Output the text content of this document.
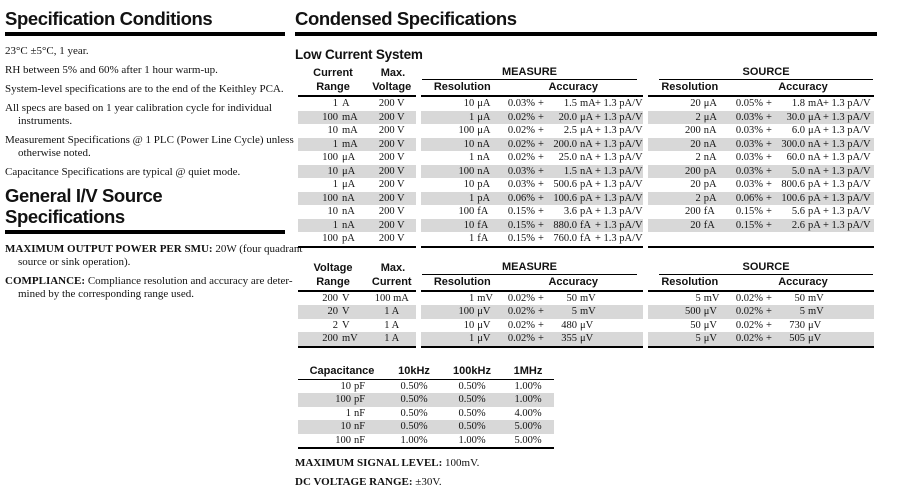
Specification Conditions
23°C ±5°C, 1 year.
RH between 5% and 60% after 1 hour warm-up.
System-level specifications are to the end of the Keithley PCA.
All specs are based on 1 year calibration cycle for individual
instruments.
Measurement Specifications @ 1 PLC (Power Line Cycle) unless
otherwise noted.
Capacitance Specifications are typical @ quiet mode.
General I/V Source Specifications
MAXIMUM OUTPUT POWER PER SMU: 20W (four quadrant
source or sink operation).
COMPLIANCE: Compliance resolution and accuracy are deter-
mined by the corresponding range used.
Condensed Specifications
Low Current System
Current	Max.	MEASURE		SOURCE	

Range	Voltage	Resolution	Accuracy	Resolution	Accuracy
1 A	200 V	10 μA	0.03% + 1.5 mA+ 1.3 pA/V	20 μA	0.05% + 1.8 mA+ 1.3 pA/V
100 mA	200 V	1 μA	0.02% + 20.0 μA + 1.3 pA/V	2 μA	0.03% + 30.0 μA + 1.3 pA/V
10 mA	200 V	100 μA	0.02% + 2.5 μA + 1.3 pA/V	200 nA	0.03% + 6.0 μA + 1.3 pA/V
1 mA	200 V	10 nA	0.02% + 200.0 nA + 1.3 pA/V	20 nA	0.03% + 300.0 nA + 1.3 pA/V
100 μA	200 V	1 nA	0.02% + 25.0 nA + 1.3 pA/V	2 nA	0.03% + 60.0 nA + 1.3 pA/V
10 μA	200 V	100 nA	0.03% + 1.5 nA + 1.3 pA/V	200 pA	0.03% + 5.0 nA + 1.3 pA/V
1 μA	200 V	10 pA	0.03% + 500.6 pA + 1.3 pA/V	20 pA	0.03% + 800.6 pA + 1.3 pA/V
100 nA	200 V	1 pA	0.06% + 100.6 pA + 1.3 pA/V	2 pA	0.06% + 100.6 pA + 1.3 pA/V
10 nA	200 V	100 fA	0.15% + 3.6 pA + 1.3 pA/V	200 fA	0.15% + 5.6 pA + 1.3 pA/V
1 nA	200 V	10 fA	0.15% + 880.0 fA + 1.3 pA/V	20 fA	0.15% + 2.6 pA + 1.3 pA/V
100 pA	200 V	1 fA	0.15% + 760.0 fA + 1.3 pA/V		
Voltage	Max.	MEASURE		SOURCE	

Range	Current	Resolution	Accuracy	Resolution	Accuracy
200 V	100 mA	1 mV	0.02% + 50 mV	5 mV	0.02% + 50 mV
20 V	1 A	100 μV	0.02% + 5 mV	500 μV	0.02% + 5 mV
2 V	1 A	10 μV	0.02% + 480 μV	50 μV	0.02% + 730 μV
200 mV	1 A	1 μV	0.02% + 355 μV	5 μV	0.02% + 505 μV
Capacitance	10kHz	100kHz	1MHz
10 pF	0.50%	0.50%	1.00%
100 pF	0.50%	0.50%	1.00%
1 nF	0.50%	0.50%	4.00%
10 nF	0.50%	0.50%	5.00%
100 nF	1.00%	1.00%	5.00%
MAXIMUM SIGNAL LEVEL: 100mV.
DC VOLTAGE RANGE: ±30V.
